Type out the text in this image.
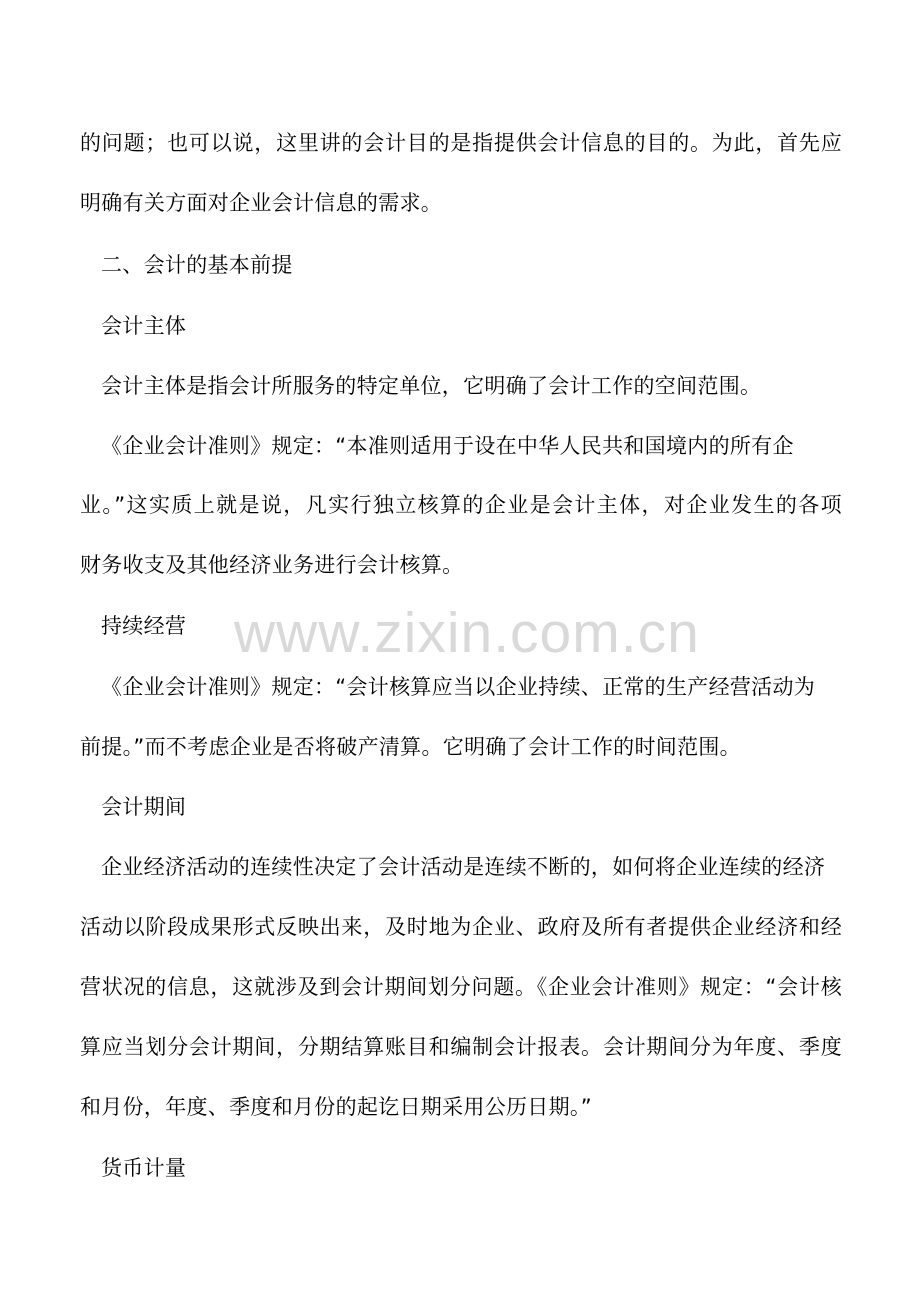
www.zixin.com.cn
的问题；也可以说，这里讲的会计目的是指提供会计信息的目的。为此，首先应
明确有关方面对企业会计信息的需求。
二、会计的基本前提
会计主体
会计主体是指会计所服务的特定单位，它明确了会计工作的空间范围。
《企业会计准则》规定：“本准则适用于设在中华人民共和国境内的所有企
业。”这实质上就是说，凡实行独立核算的企业是会计主体，对企业发生的各项
财务收支及其他经济业务进行会计核算。
持续经营
《企业会计准则》规定：“会计核算应当以企业持续、正常的生产经营活动为
前提。”而不考虑企业是否将破产清算。它明确了会计工作的时间范围。
会计期间
企业经济活动的连续性决定了会计活动是连续不断的，如何将企业连续的经济
活动以阶段成果形式反映出来，及时地为企业、政府及所有者提供企业经济和经
营状况的信息，这就涉及到会计期间划分问题。《企业会计准则》规定：“会计核
算应当划分会计期间，分期结算账目和编制会计报表。会计期间分为年度、季度
和月份，年度、季度和月份的起讫日期采用公历日期。”
货币计量
